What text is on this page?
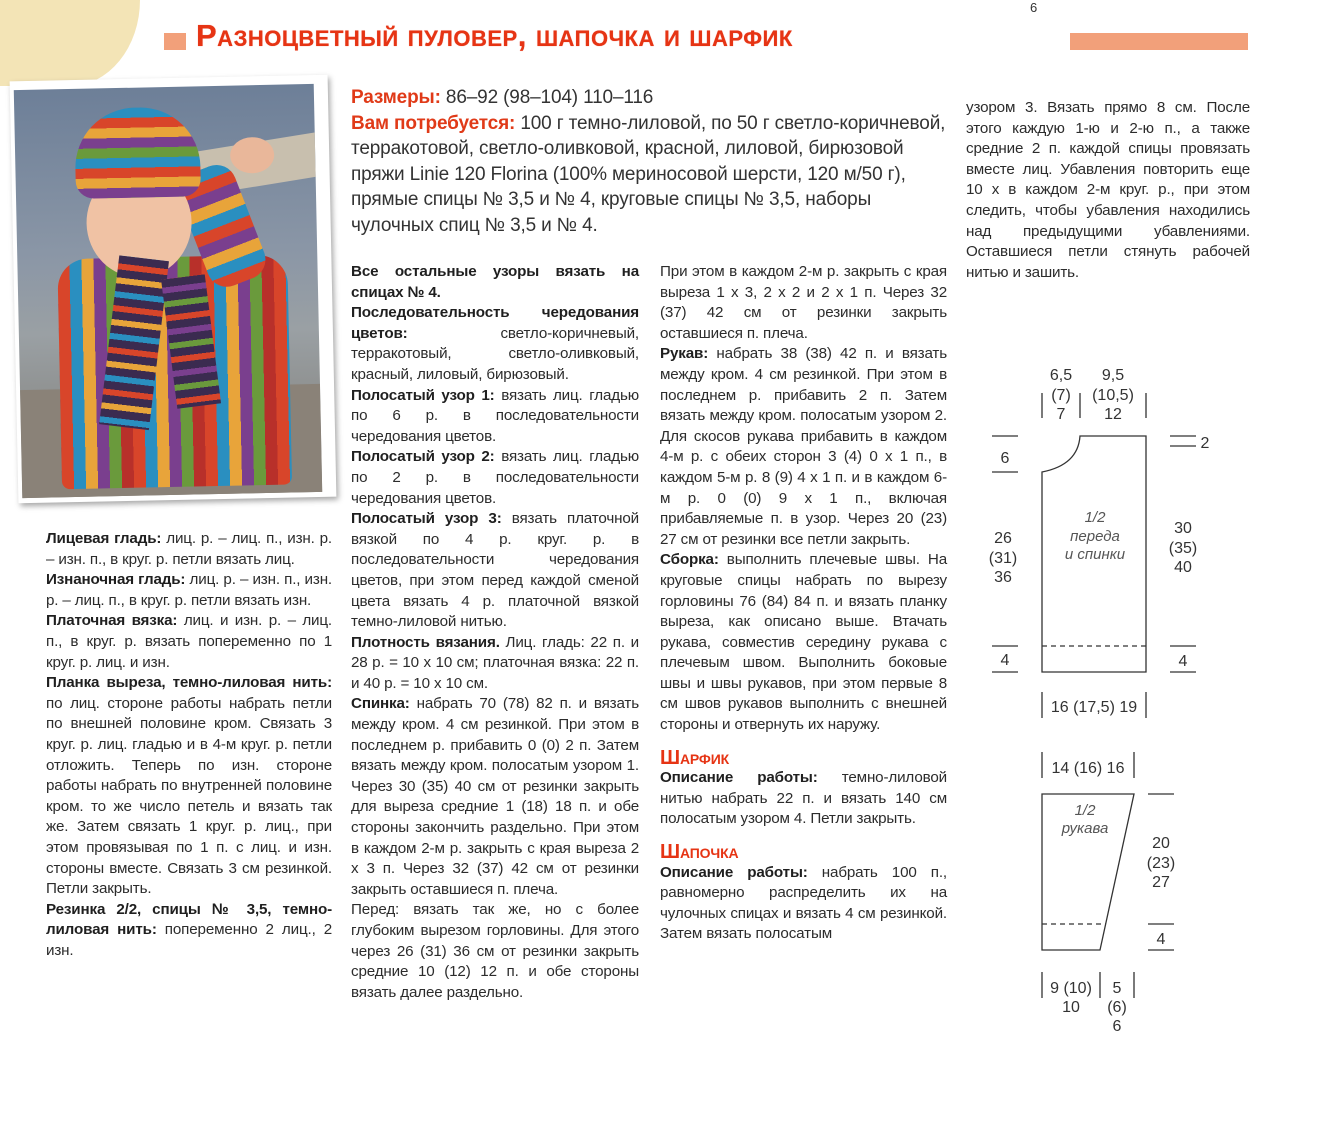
6
Разноцветный пуловер, шапочка и шарфик

Размеры: 86–92 (98–104) 110–116

Вам потребуется: 100 г темно-лиловой, по 50 г светло-коричневой, терракотовой, светло-оливковой, красной, лиловой, бирюзовой пряжи Linie 120 Florina (100% мериносовой шерсти, 120 м/50 г), прямые спицы № 3,5 и № 4, круговые спицы № 3,5, наборы чулочных спиц № 3,5 и № 4.

Лицевая гладь: лиц. р. – лиц. п., изн. р. – изн. п., в круг. р. петли вязать лиц.

Изнаночная гладь: лиц. р. – изн. п., изн. р. – лиц. п., в круг. р. петли вязать изн.

Платочная вязка: лиц. и изн. р. – лиц. п., в круг. р. вязать попеременно по 1 круг. р. лиц. и изн.

Планка выреза, темно-лиловая нить: по лиц. стороне работы набрать петли по внешней половине кром. Связать 3 круг. р. лиц. гладью и в 4-м круг. р. петли отложить. Теперь по изн. стороне работы набрать по внутренней половине кром. то же число петель и вязать так же. Затем связать 1 круг. р. лиц., при этом провязывая по 1 п. с лиц. и изн. стороны вместе. Связать 3 см резинкой. Петли закрыть.

Резинка 2/2, спицы № 3,5, темно-лиловая нить: попеременно 2 лиц., 2 изн.

Все остальные узоры вязать на спицах № 4.

Последовательность чередования цветов: светло-коричневый, терракотовый, светло-оливковый, красный, лиловый, бирюзовый.

Полосатый узор 1: вязать лиц. гладью по 6 р. в последовательности чередования цветов.

Полосатый узор 2: вязать лиц. гладью по 2 р. в последовательности чередования цветов.

Полосатый узор 3: вязать платочной вязкой по 4 р. круг. р. в последовательности чередования цветов, при этом перед каждой сменой цвета вязать 4 р. платочной вязкой темно-лиловой нитью.

Плотность вязания. Лиц. гладь: 22 п. и 28 р. = 10 x 10 см; платочная вязка: 22 п. и 40 р. = 10 x 10 см.

Спинка: набрать 70 (78) 82 п. и вязать между кром. 4 см резинкой. При этом в последнем р. прибавить 0 (0) 2 п. Затем вязать между кром. полосатым узором 1. Через 30 (35) 40 см от резинки закрыть для выреза средние 1 (18) 18 п. и обе стороны закончить раздельно. При этом в каждом 2-м р. закрыть с края выреза 2 x 3 п. Через 32 (37) 42 см от резинки закрыть оставшиеся п. плеча.

Перед: вязать так же, но с более глубоким вырезом горловины. Для этого через 26 (31) 36 см от резинки закрыть средние 10 (12) 12 п. и обе стороны вязать далее раздельно.

При этом в каждом 2-м р. закрыть с края выреза 1 x 3, 2 x 2 и 2 x 1 п. Через 32 (37) 42 см от резинки закрыть оставшиеся п. плеча.

Рукав: набрать 38 (38) 42 п. и вязать между кром. 4 см резинкой. При этом в последнем р. прибавить 2 п. Затем вязать между кром. полосатым узором 2. Для скосов рукава прибавить в каждом 4-м р. с обеих сторон 3 (4) 0 x 1 п., в каждом 5-м р. 8 (9) 4 x 1 п. и в каждом 6-м р. 0 (0) 9 x 1 п., включая прибавляемые п. в узор. Через 20 (23) 27 см от резинки все петли закрыть.

Сборка: выполнить плечевые швы. На круговые спицы набрать по вырезу горловины 76 (84) 84 п. и вязать планку выреза, как описано выше. Втачать рукава, совместив середину рукава с плечевым швом. Выполнить боковые швы и швы рукавов, при этом первые 8 см швов рукавов выполнить с внешней стороны и отвернуть их наружу.

Шарфик

Описание работы: темно-лиловой нитью набрать 22 п. и вязать 140 см полосатым узором 4. Петли закрыть.

Шапочка

Описание работы: набрать 100 п., равномерно распределить их на чулочных спицах и вязать 4 см резинкой. Затем вязать полосатым

узором 3. Вязать прямо 8 см. После этого каждую 1-ю и 2-ю п., а также средние 2 п. каждой спицы провязать вместе лиц. Убавления повторить еще 10 x в каждом 2-м круг. р., при этом следить, чтобы убавления находились над предыдущими убавлениями. Оставшиеся петли стянуть рабочей нитью и зашить.

1/2
переда
и спинки
6,5
(7)
7
9,5
(10,5)
12
2
6
26
(31)
36
30
(35)
40
4	4
16 (17,5) 19
1/2
рукава
14 (16) 16
20
(23)
27
4
9 (10)
10
5
(6)
6
